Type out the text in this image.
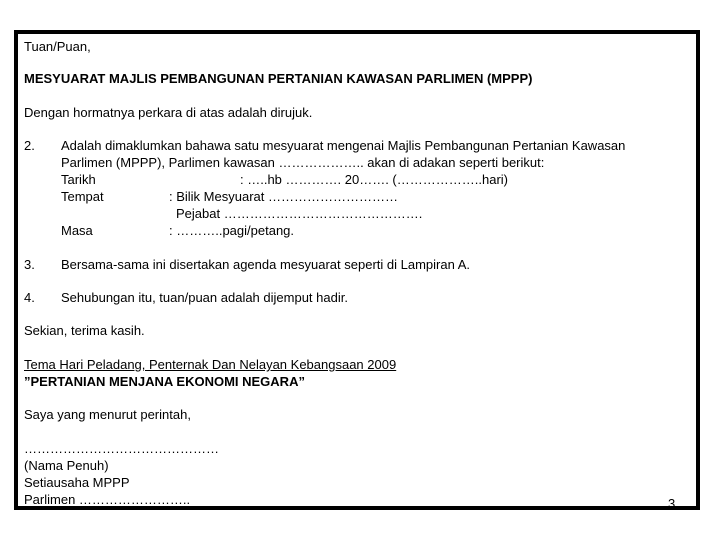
Tuan/Puan,
MESYUARAT MAJLIS PEMBANGUNAN PERTANIAN KAWASAN PARLIMEN (MPPP)
Dengan hormatnya perkara di atas adalah dirujuk.
2. Adalah dimaklumkan bahawa satu mesyuarat mengenai Majlis Pembangunan Pertanian Kawasan
Parlimen (MPPP), Parlimen kawasan ……………….. akan di adakan seperti berikut:
Tarikh	: …..hb …………. 20……. (………………..hari)
Tempat	: Bilik Mesyuarat …………………………
Pejabat ……………………………………….
Masa	: ………..pagi/petang.
3. Bersama-sama ini disertakan agenda mesyuarat seperti di Lampiran A.
4. Sehubungan itu, tuan/puan adalah dijemput hadir.
Sekian, terima kasih.
Tema Hari Peladang, Penternak Dan Nelayan Kebangsaan 2009
”PERTANIAN MENJANA EKONOMI NEGARA”
Saya yang menurut perintah,
………………………………………
(Nama Penuh)
Setiausaha MPPP
Parlimen ……………………..	3
